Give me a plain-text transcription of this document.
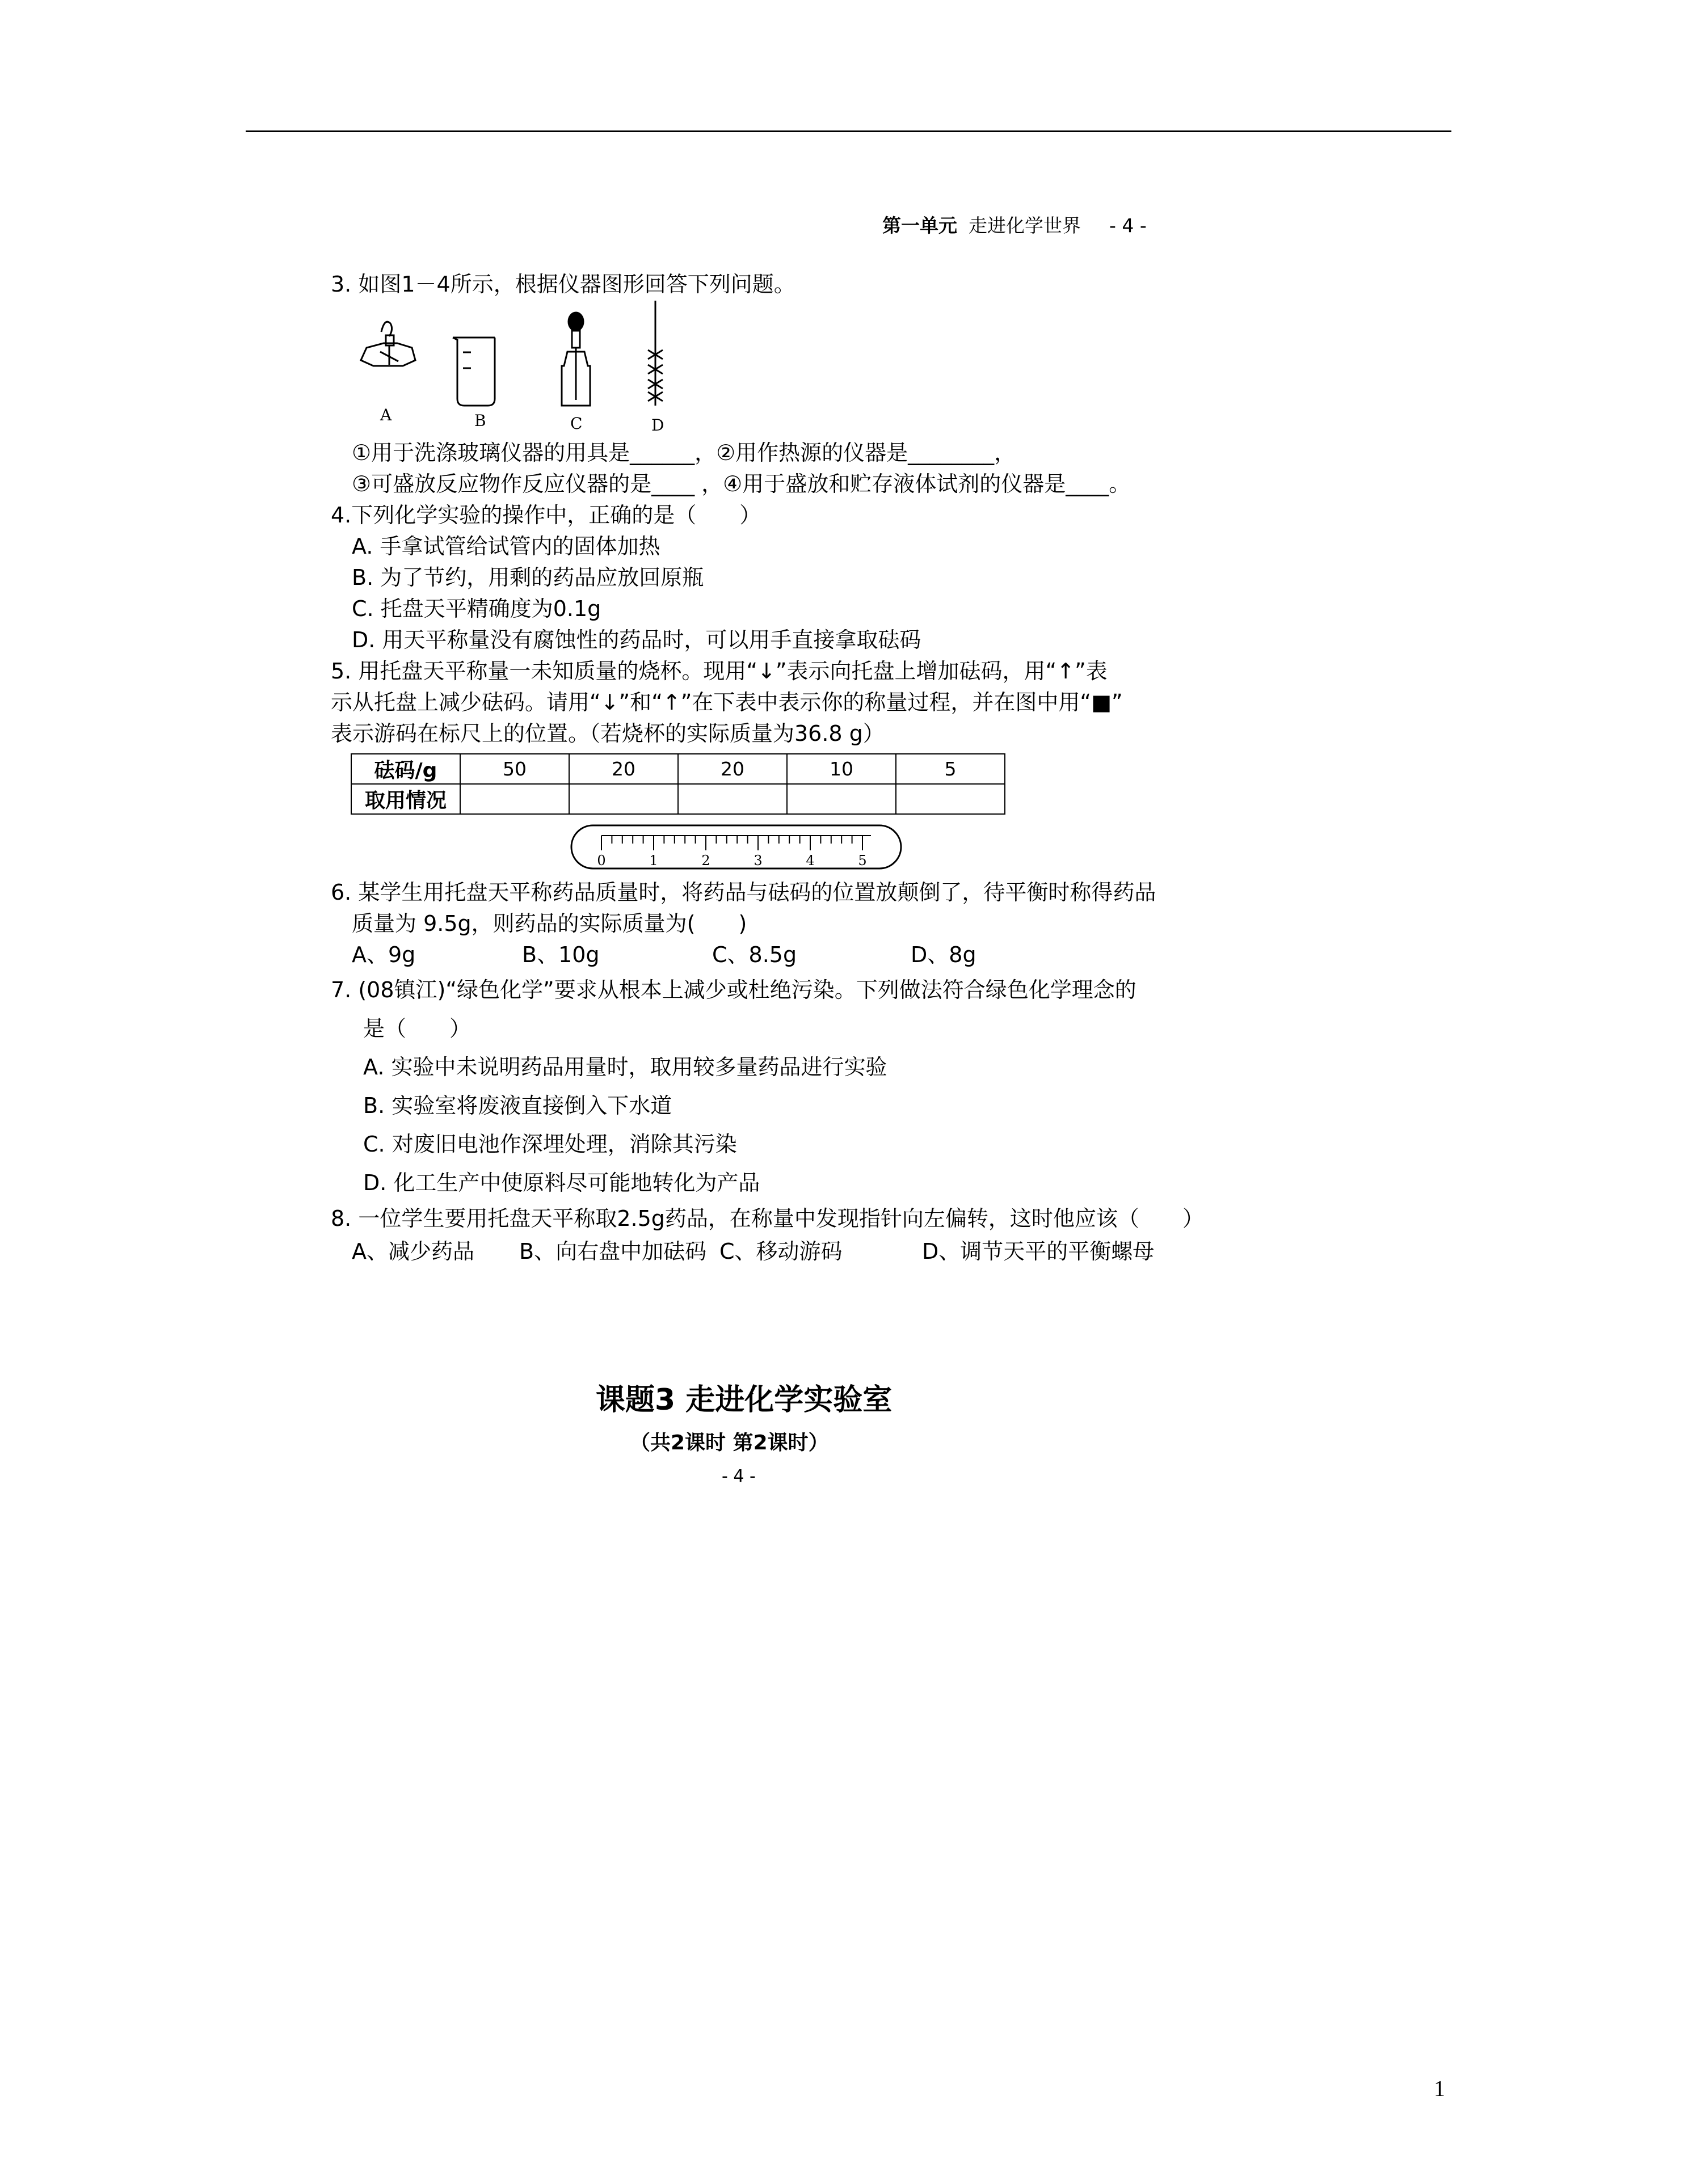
第一单元 走进化学世界 - 4 -
3. 如图1－4所示，根据仪器图形回答下列问题。
A	B	C	D
①用于洗涤玻璃仪器的用具是______，②用作热源的仪器是________，
③可盛放反应物作反应仪器的是____ ，④用于盛放和贮存液体试剂的仪器是____。
4.下列化学实验的操作中，正确的是（　　）
A. 手拿试管给试管内的固体加热
B. 为了节约，用剩的药品应放回原瓶
C. 托盘天平精确度为0.1g
D. 用天平称量没有腐蚀性的药品时，可以用手直接拿取砝码
5. 用托盘天平称量一未知质量的烧杯。现用“↓”表示向托盘上增加砝码，用“↑”表
示从托盘上减少砝码。请用“↓”和“↑”在下表中表示你的称量过程，并在图中用“■”
表示游码在标尺上的位置。（若烧杯的实际质量为36.8 g）
砝码/g	50	20	20	10	5
取用情况					
0	1	2	3	4	5
6. 某学生用托盘天平称药品质量时，将药品与砝码的位置放颠倒了，待平衡时称得药品
质量为 9.5g，则药品的实际质量为(　　)
A、9g	B、10g	C、8.5g	D、8g
7. (08镇江)“绿色化学”要求从根本上减少或杜绝污染。下列做法符合绿色化学理念的
是（　　）
A. 实验中未说明药品用量时，取用较多量药品进行实验
B. 实验室将废液直接倒入下水道
C. 对废旧电池作深埋处理，消除其污染
D. 化工生产中使原料尽可能地转化为产品
8. 一位学生要用托盘天平称取2.5g药品，在称量中发现指针向左偏转，这时他应该（　　）
A、减少药品 B、向右盘中加砝码 C、移动游码	D、调节天平的平衡螺母
课题3 走进化学实验室
（共2课时 第2课时）
- 4 -
1
